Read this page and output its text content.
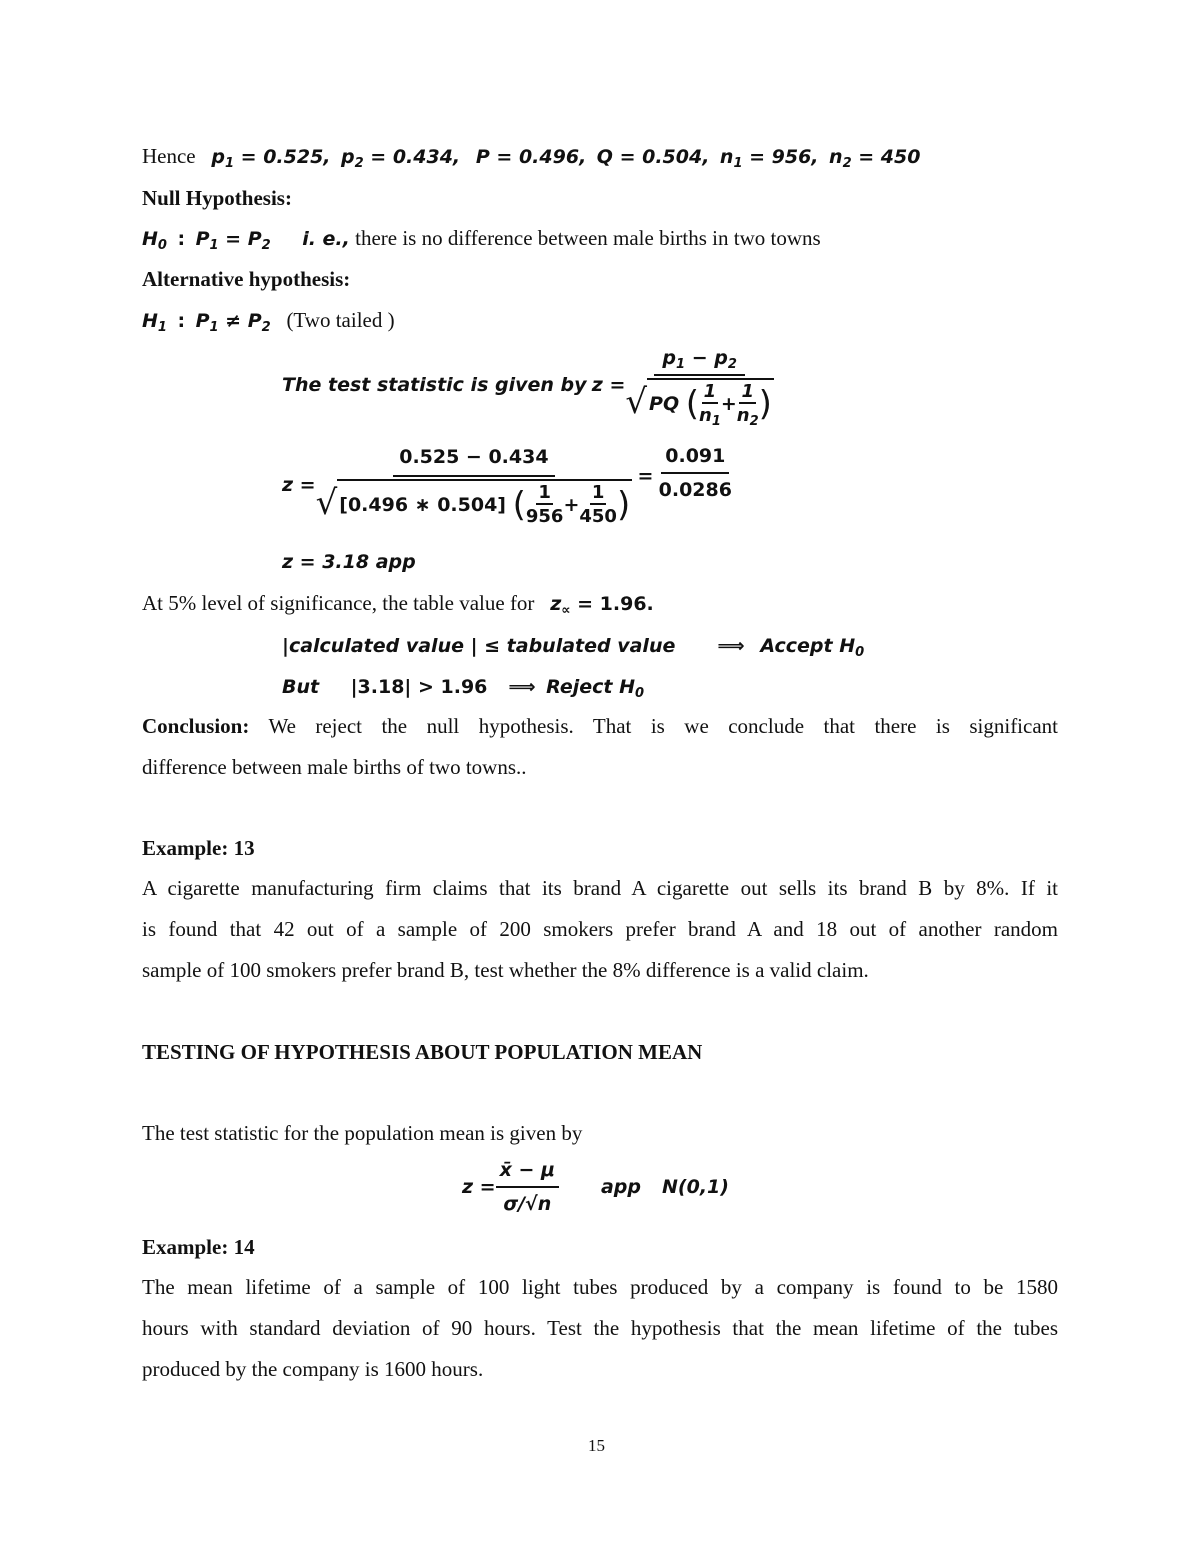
Hence $p_1 = 0.525$, $p_2 = 0.434$, P = 0.496, Q = 0.504, $n_1 = 956$, $n_2 = 450$
Null Hypothesis:
$H_0$ : $P_1 = P_2$ i. e., there is no difference between male births in two towns
Alternative hypothesis:
$H_1$ : $P_1 \ne P_2$ (Two tailed )
The test statistic is given by
$z = p_1 - p_2$
√ PQ
( $\frac{1}{n_1} + \frac{1}{n_2}$ )
z = 0.525 − 0.434
√ [0.496 ∗ 0.504]
( $\frac{1}{956} + \frac{1}{450}$ )
=
$\frac{0.091}{0.0286}$
z = 3.18 app
At 5% level of significance, the table value for $z_\propto = 1.96$.
|calculated value | ≤ tabulated value ⟹ Accept $H_0$
But |3.18| > 1.96 ⟹ Reject $H_0$
Conclusion: We reject the null hypothesis. That is we conclude that there is significant
difference between male births of two towns..
Example: 13
A cigarette manufacturing firm claims that its brand A cigarette out sells its brand B by 8%. If it
is found that 42 out of a sample of 200 smokers prefer brand A and 18 out of another random
sample of 100 smokers prefer brand B, test whether the 8% difference is a valid claim.
TESTING OF HYPOTHESIS ABOUT POPULATION MEAN
The test statistic for the population mean is given by
$z = \frac{x̄ - \mu}{\sigma/√n}$
app
N(0,1)
Example: 14
The mean lifetime of a sample of 100 light tubes produced by a company is found to be 1580
hours with standard deviation of 90 hours. Test the hypothesis that the mean lifetime of the tubes
produced by the company is 1600 hours.
15
